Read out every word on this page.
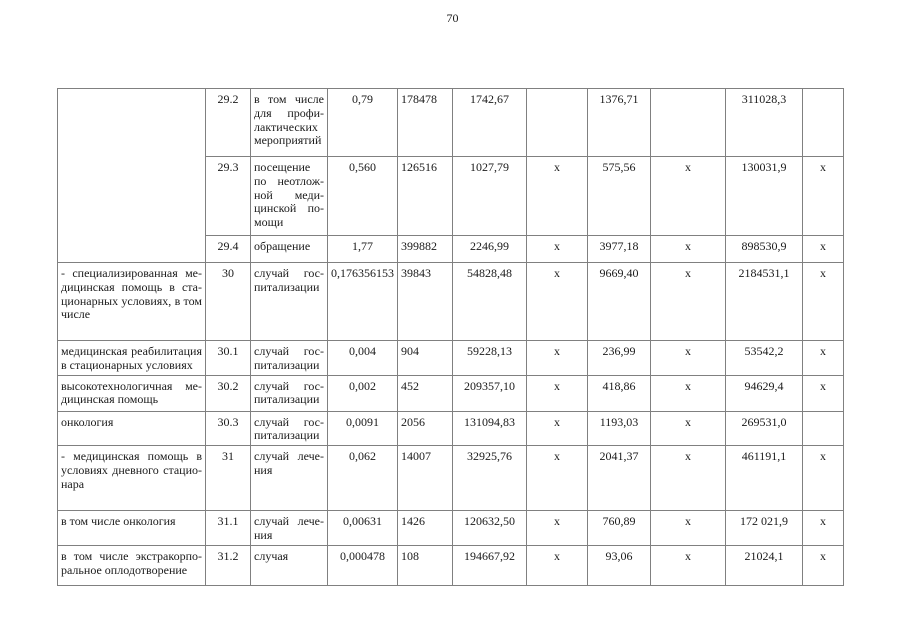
70
	29.2	в том числе для профи-лактических мероприятий	0,79	178478	1742,67		1376,71		311028,3	
	29.3	посещение по неотлож-ной меди-цинской по-мощи	0,560	126516	1027,79	x	575,56	x	130031,9	x
	29.4	обращение	1,77	399882	2246,99	x	3977,18	x	898530,9	x
- специализированная ме-дицинская помощь в ста-ционарных условиях, в том числе	30	случай гос-питализации	0,176356153	39843	54828,48	x	9669,40	x	2184531,1	x
медицинская реабилитация в стационарных условиях	30.1	случай гос-питализации	0,004	904	59228,13	x	236,99	x	53542,2	x
высокотехнологичная ме-дицинская помощь	30.2	случай гос-питализации	0,002	452	209357,10	x	418,86	x	94629,4	x
онкология	30.3	случай гос-питализации	0,0091	2056	131094,83	x	1193,03	x	269531,0	
- медицинская помощь в условиях дневного стацио-нара	31	случай лече-ния	0,062	14007	32925,76	x	2041,37	x	461191,1	x
в том числе онкология	31.1	случай лече-ния	0,00631	1426	120632,50	x	760,89	x	172 021,9	x
в том числе экстракорпо-ральное оплодотворение	31.2	случая	0,000478	108	194667,92	x	93,06	x	21024,1	x
